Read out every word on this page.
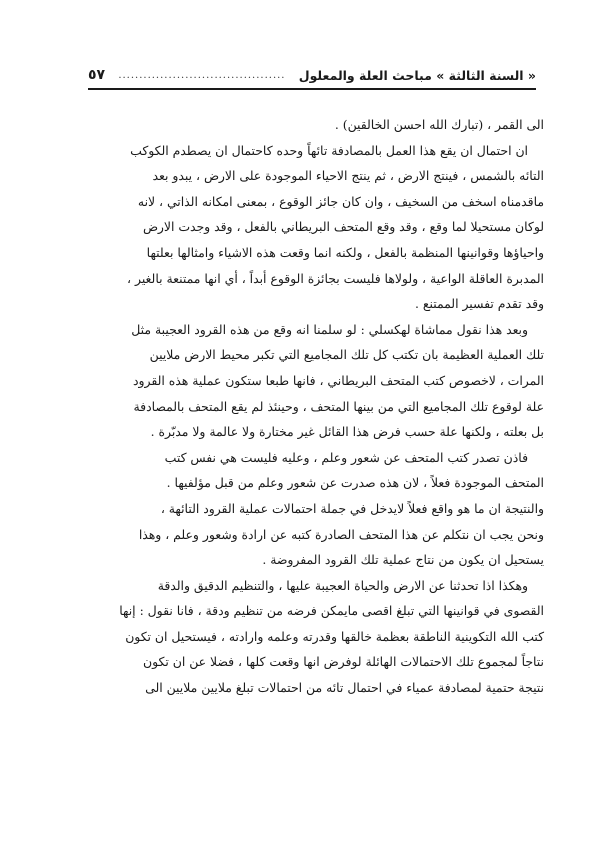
« السنة الثالثة » مباحث العلة والمعلول
........................................
٥٧
الى القمر ، (تبارك الله احسن الخالقين) .
ان احتمال ان يقع هذا العمل بالمصادفة تائهاً وحده كاحتمال ان يصطدم الكوكب
التائه بالشمس ، فينتج الارض ، ثم ينتج الاحياء الموجودة على الارض ، يبدو بعد
ماقدمناه اسخف من السخيف ، وان كان جائز الوقوع ، بمعنى امكانه الذاتي ، لانه
لوكان مستحيلا لما وقع ، وقد وقع المتحف البريطاني بالفعل ، وقد وجدت الارض
واحياؤها وقوانينها المنظمة بالفعل ، ولكنه انما وقعت هذه الاشياء وامثالها بعلتها
المدبرة العاقلة الواعية ، ولولاها فليست بجائزة الوقوع أبداً ، أي انها ممتنعة بالغير ،
وقد تقدم تفسير الممتنع .
وبعد هذا نقول مماشاة لهكسلي : لو سلمنا انه وقع من هذه القرود العجيبة مثل
تلك العملية العظيمة بان تكتب كل تلك المجاميع التي تكبر محيط الارض ملايين
المرات ، لاخصوص كتب المتحف البريطاني ، فانها طبعا ستكون عملية هذه القرود
علة لوقوع تلك المجاميع التي من بينها المتحف ، وحينئذ لم يقع المتحف بالمصادفة
بل بعلته ، ولكنها علة حسب فرض هذا القائل غير مختارة ولا عالمة ولا مدبّرة .
فاذن تصدر كتب المتحف عن شعور وعلم ، وعليه فليست هي نفس كتب
المتحف الموجودة فعلاً ، لان هذه صدرت عن شعور وعلم من قبل مؤلفيها .
والنتيجة ان ما هو واقع فعلاً لايدخل في جملة احتمالات عملية القرود التائهة ،
ونحن يجب ان نتكلم عن هذا المتحف الصادرة كتبه عن ارادة وشعور وعلم ، وهذا
يستحيل ان يكون من نتاج عملية تلك القرود المفروضة .
وهكذا اذا تحدثنا عن الارض والحياة العجيبة عليها ، والتنظيم الدقيق والدقة
القصوى في قوانينها التي تبلغ اقصى مايمكن فرضه من تنظيم ودقة ، فانا نقول : إنها
كتب الله التكوينية الناطقة بعظمة خالقها وقدرته وعلمه وارادته ، فيستحيل ان تكون
نتاجاً لمجموع تلك الاحتمالات الهائلة لوفرض انها وقعت كلها ، فضلا عن ان تكون
نتيجة حتمية لمصادفة عمياء في احتمال تائه من احتمالات تبلغ ملايين ملايين الى
